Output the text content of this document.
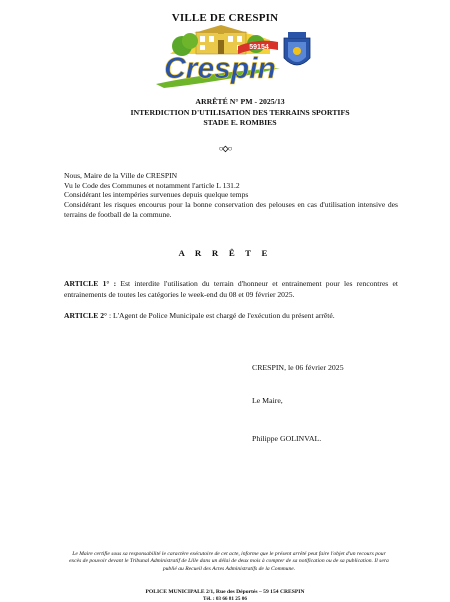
VILLE DE CRESPIN
59154
Crespin
ARRÊTÉ N° PM - 2025/13
INTERDICTION D'UTILISATION DES TERRAINS SPORTIFS
STADE E. ROMBIES
○◇○
Nous, Maire de la Ville de CRESPIN
Vu le Code des Communes et notamment l'article L 131.2
Considérant les intempéries survenues depuis quelque temps
Considérant les risques encourus pour la bonne conservation des pelouses en cas d'utilisation intensive des terrains de football de la commune.
A R R Ê T E
ARTICLE 1° : Est interdite l'utilisation du terrain d'honneur et entrainement pour les rencontres et entrainements de toutes les catégories le week-end du 08 et 09 février 2025.
ARTICLE 2° : L'Agent de Police Municipale est chargé de l'exécution du présent arrêté.
CRESPIN, le 06 février 2025
Le Maire,
Philippe GOLINVAL.
Le Maire certifie sous sa responsabilité le caractère exécutoire de cet acte, informe que le présent arrêté peut faire l'objet d'un recours pour excès de pouvoir devant le Tribunal Administratif de Lille dans un délai de deux mois à compter de sa notification ou de sa publication. Il sera publié au Recueil des Actes Administratifs de la Commune.
POLICE MUNICIPALE 2/1, Rue des Déportés – 59 154 CRESPIN
Tél. : 03 66 81 25 06
